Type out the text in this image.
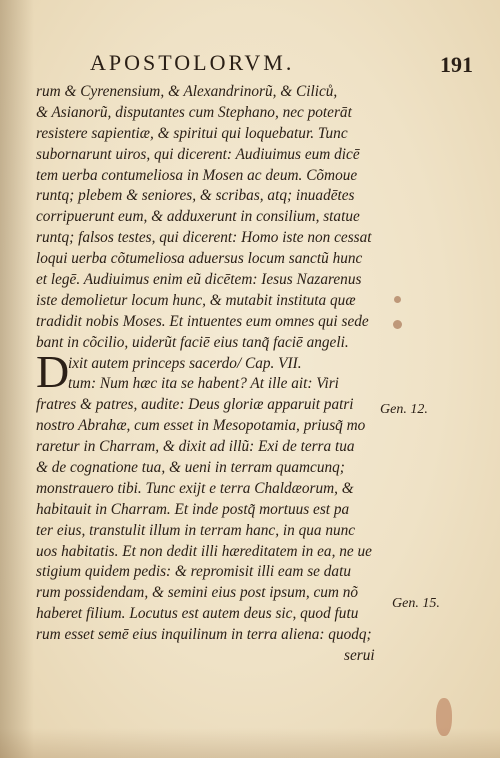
APOSTOLORVM.	191
rum & Cyrenensium, & Alexandrinorũ, & Ciliců,
& Asianorũ, disputantes cum Stephano, nec poterāt
resistere sapientiæ, & spiritui qui loquebatur. Tunc
subornarunt uiros, qui dicerent: Audiuimus eum dicē
tem uerba contumeliosa in Mosen ac deum. Cõmoue
runtq; plebem & seniores, & scribas, atq; inuadētes
corripuerunt eum, & adduxerunt in consilium, statue
runtq; falsos testes, qui dicerent: Homo iste non cessat
loqui uerba cõtumeliosa aduersus locum sanctũ hunc
et legē. Audiuimus enim eũ dicētem: Iesus Nazarenus
iste demolietur locum hunc, & mutabit instituta quæ
tradidit nobis Moses. Et intuentes eum omnes qui sede
bant in cõcilio, uiderũt faciē eius tanq̃ faciē angeli.
D
ixit autem princeps sacerdo/ Cap. VII.
tum: Num hæc ita se habent? At ille ait: Viri
fratres & patres, audite: Deus gloriæ apparuit patri
nostro Abrahæ, cum esset in Mesopotamia, priusq̃ mo
raretur in Charram, & dixit ad illũ: Exi de terra tua
& de cognatione tua, & ueni in terram quamcunq;
monstrauero tibi. Tunc exijt e terra Chaldæorum, &
habitauit in Charram. Et inde postq̃ mortuus est pa
ter eius, transtulit illum in terram hanc, in qua nunc
uos habitatis. Et non dedit illi hæreditatem in ea, ne ue
stigium quidem pedis: & repromisit illi eam se datu
rum possidendam, & semini eius post ipsum, cum nõ
haberet filium. Locutus est autem deus sic, quod futu
rum esset semē eius inquilinum in terra aliena: quodq;
serui
Gen. 12.
Gen. 15.
